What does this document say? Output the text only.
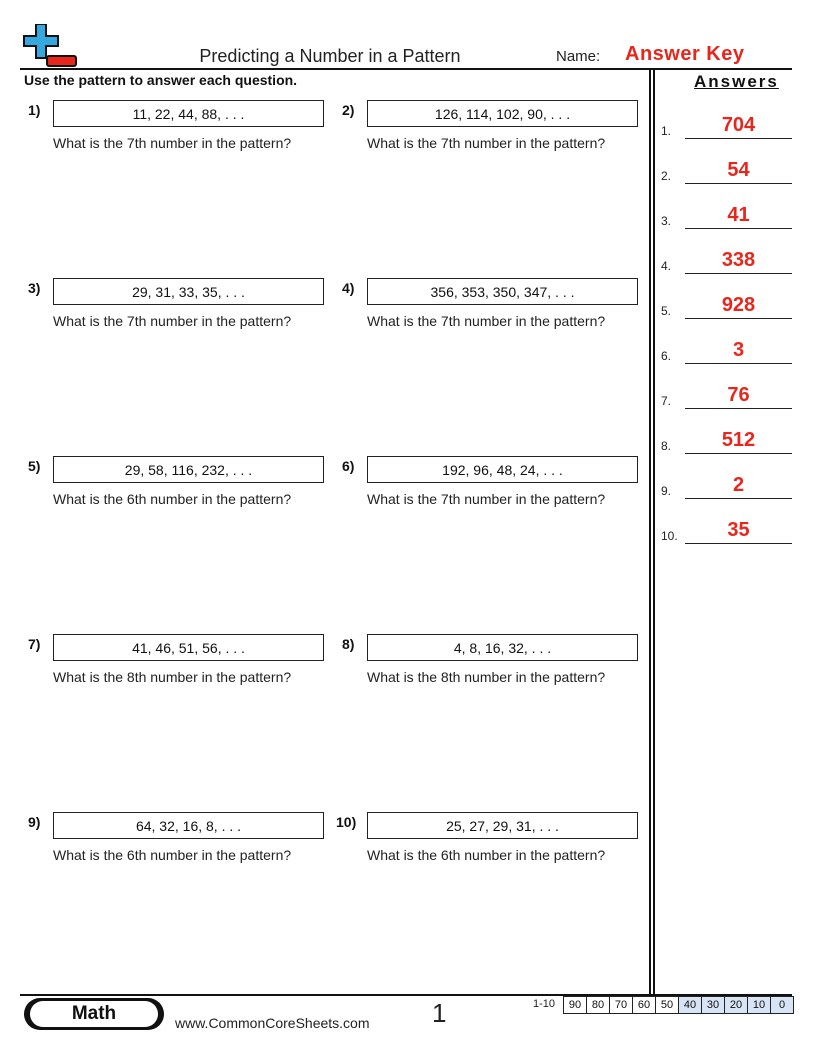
Predicting a Number in a Pattern	Name: Answer Key
Use the pattern to answer each question.
1)	11, 22, 44, 88, . . .
What is the 7th number in the pattern?
2)	126, 114, 102, 90, . . .
What is the 7th number in the pattern?
3)	29, 31, 33, 35, . . .
What is the 7th number in the pattern?
4)	356, 353, 350, 347, . . .
What is the 7th number in the pattern?
5)	29, 58, 116, 232, . . .
What is the 6th number in the pattern?
6)	192, 96, 48, 24, . . .
What is the 7th number in the pattern?
7)	41, 46, 51, 56, . . .
What is the 8th number in the pattern?
8)	4, 8, 16, 32, . . .
What is the 8th number in the pattern?
9)	64, 32, 16, 8, . . .
What is the 6th number in the pattern?
10)	25, 27, 29, 31, . . .
What is the 6th number in the pattern?
Answers
1.	704
2.	54
3.	41
4.	338
5.	928
6.	3
7.	76
8.	512
9.	2
10.	35
Math	www.CommonCoreSheets.com 1	1-10 90	80	70	60	50	40	30	20	10	0
